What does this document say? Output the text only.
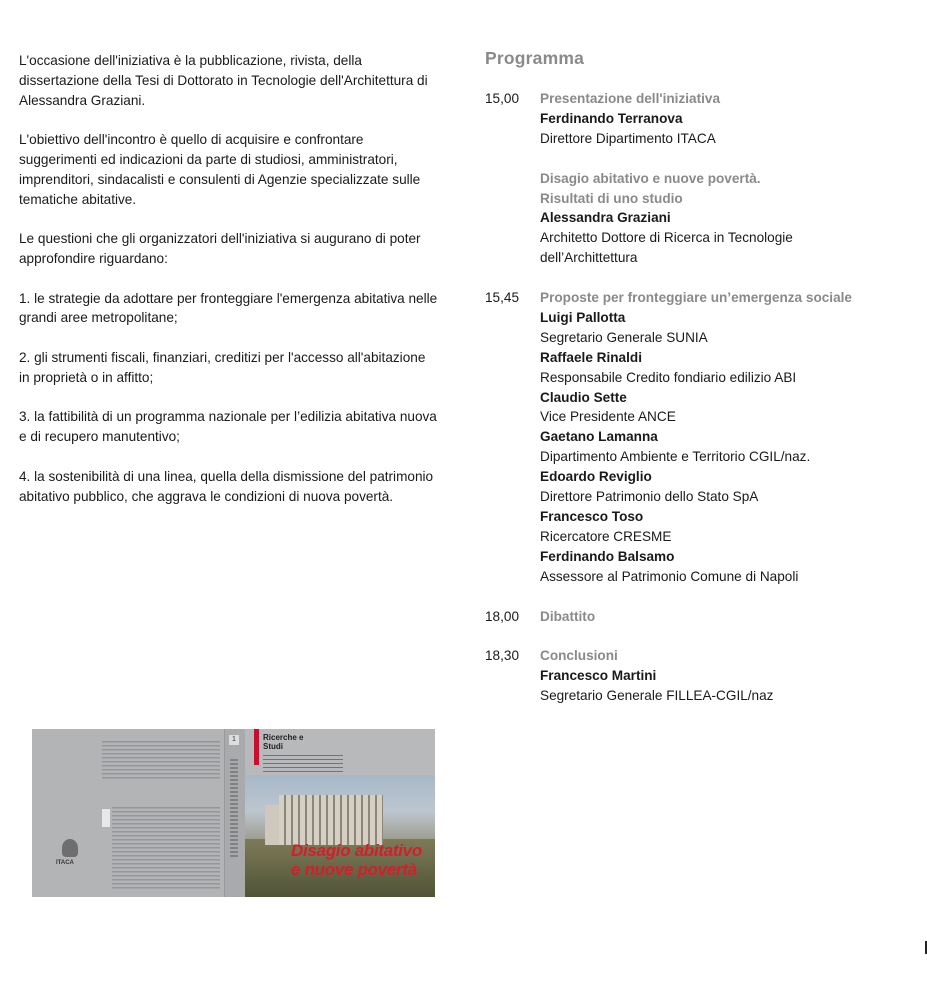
L'occasione dell'iniziativa è la pubblicazione, rivista, della dissertazione della Tesi di Dottorato in Tecnologie dell'Architettura di Alessandra Graziani.

L'obiettivo dell'incontro è quello di acquisire e confrontare suggerimenti ed indicazioni da parte di studiosi, amministratori, imprenditori, sindacalisti e consulenti di Agenzie specializzate sulle tematiche abitative.

Le questioni che gli organizzatori dell'iniziativa si augurano di poter approfondire riguardano:

1. le strategie da adottare per fronteggiare l'emergenza abitativa nelle grandi aree metropolitane;

2. gli strumenti fiscali, finanziari, creditizi per l'accesso all'abitazione in proprietà o in affitto;

3. la fattibilità di un programma nazionale per l’edilizia abitativa nuova e di recupero manutentivo;

4. la sostenibilità di una linea, quella della dismissione del patrimonio abitativo pubblico, che aggrava le condizioni di nuova povertà.

Programma
15,00	Presentazione dell'iniziativa
Ferdinando Terranova
Direttore Dipartimento ITACA
Disagio abitativo e nuove povertà.
Risultati di uno studio
Alessandra Graziani
Architetto Dottore di Ricerca in Tecnologie
dell’Archittettura
15,45	Proposte per fronteggiare un’emergenza sociale
Luigi Pallotta
Segretario Generale SUNIA
Raffaele Rinaldi
Responsabile Credito fondiario edilizio ABI
Claudio Sette
Vice Presidente ANCE
Gaetano Lamanna
Dipartimento Ambiente e Territorio CGIL/naz.
Edoardo Reviglio
Direttore Patrimonio dello Stato SpA
Francesco Toso
Ricercatore CRESME
Ferdinando Balsamo
Assessore al Patrimonio Comune di Napoli
18,00	Dibattito
18,30	Conclusioni
Francesco Martini
Segretario Generale FILLEA-CGIL/naz
ITACA
1	Ricerche e
Studi
Disagio abitativo
e nuove povertà
